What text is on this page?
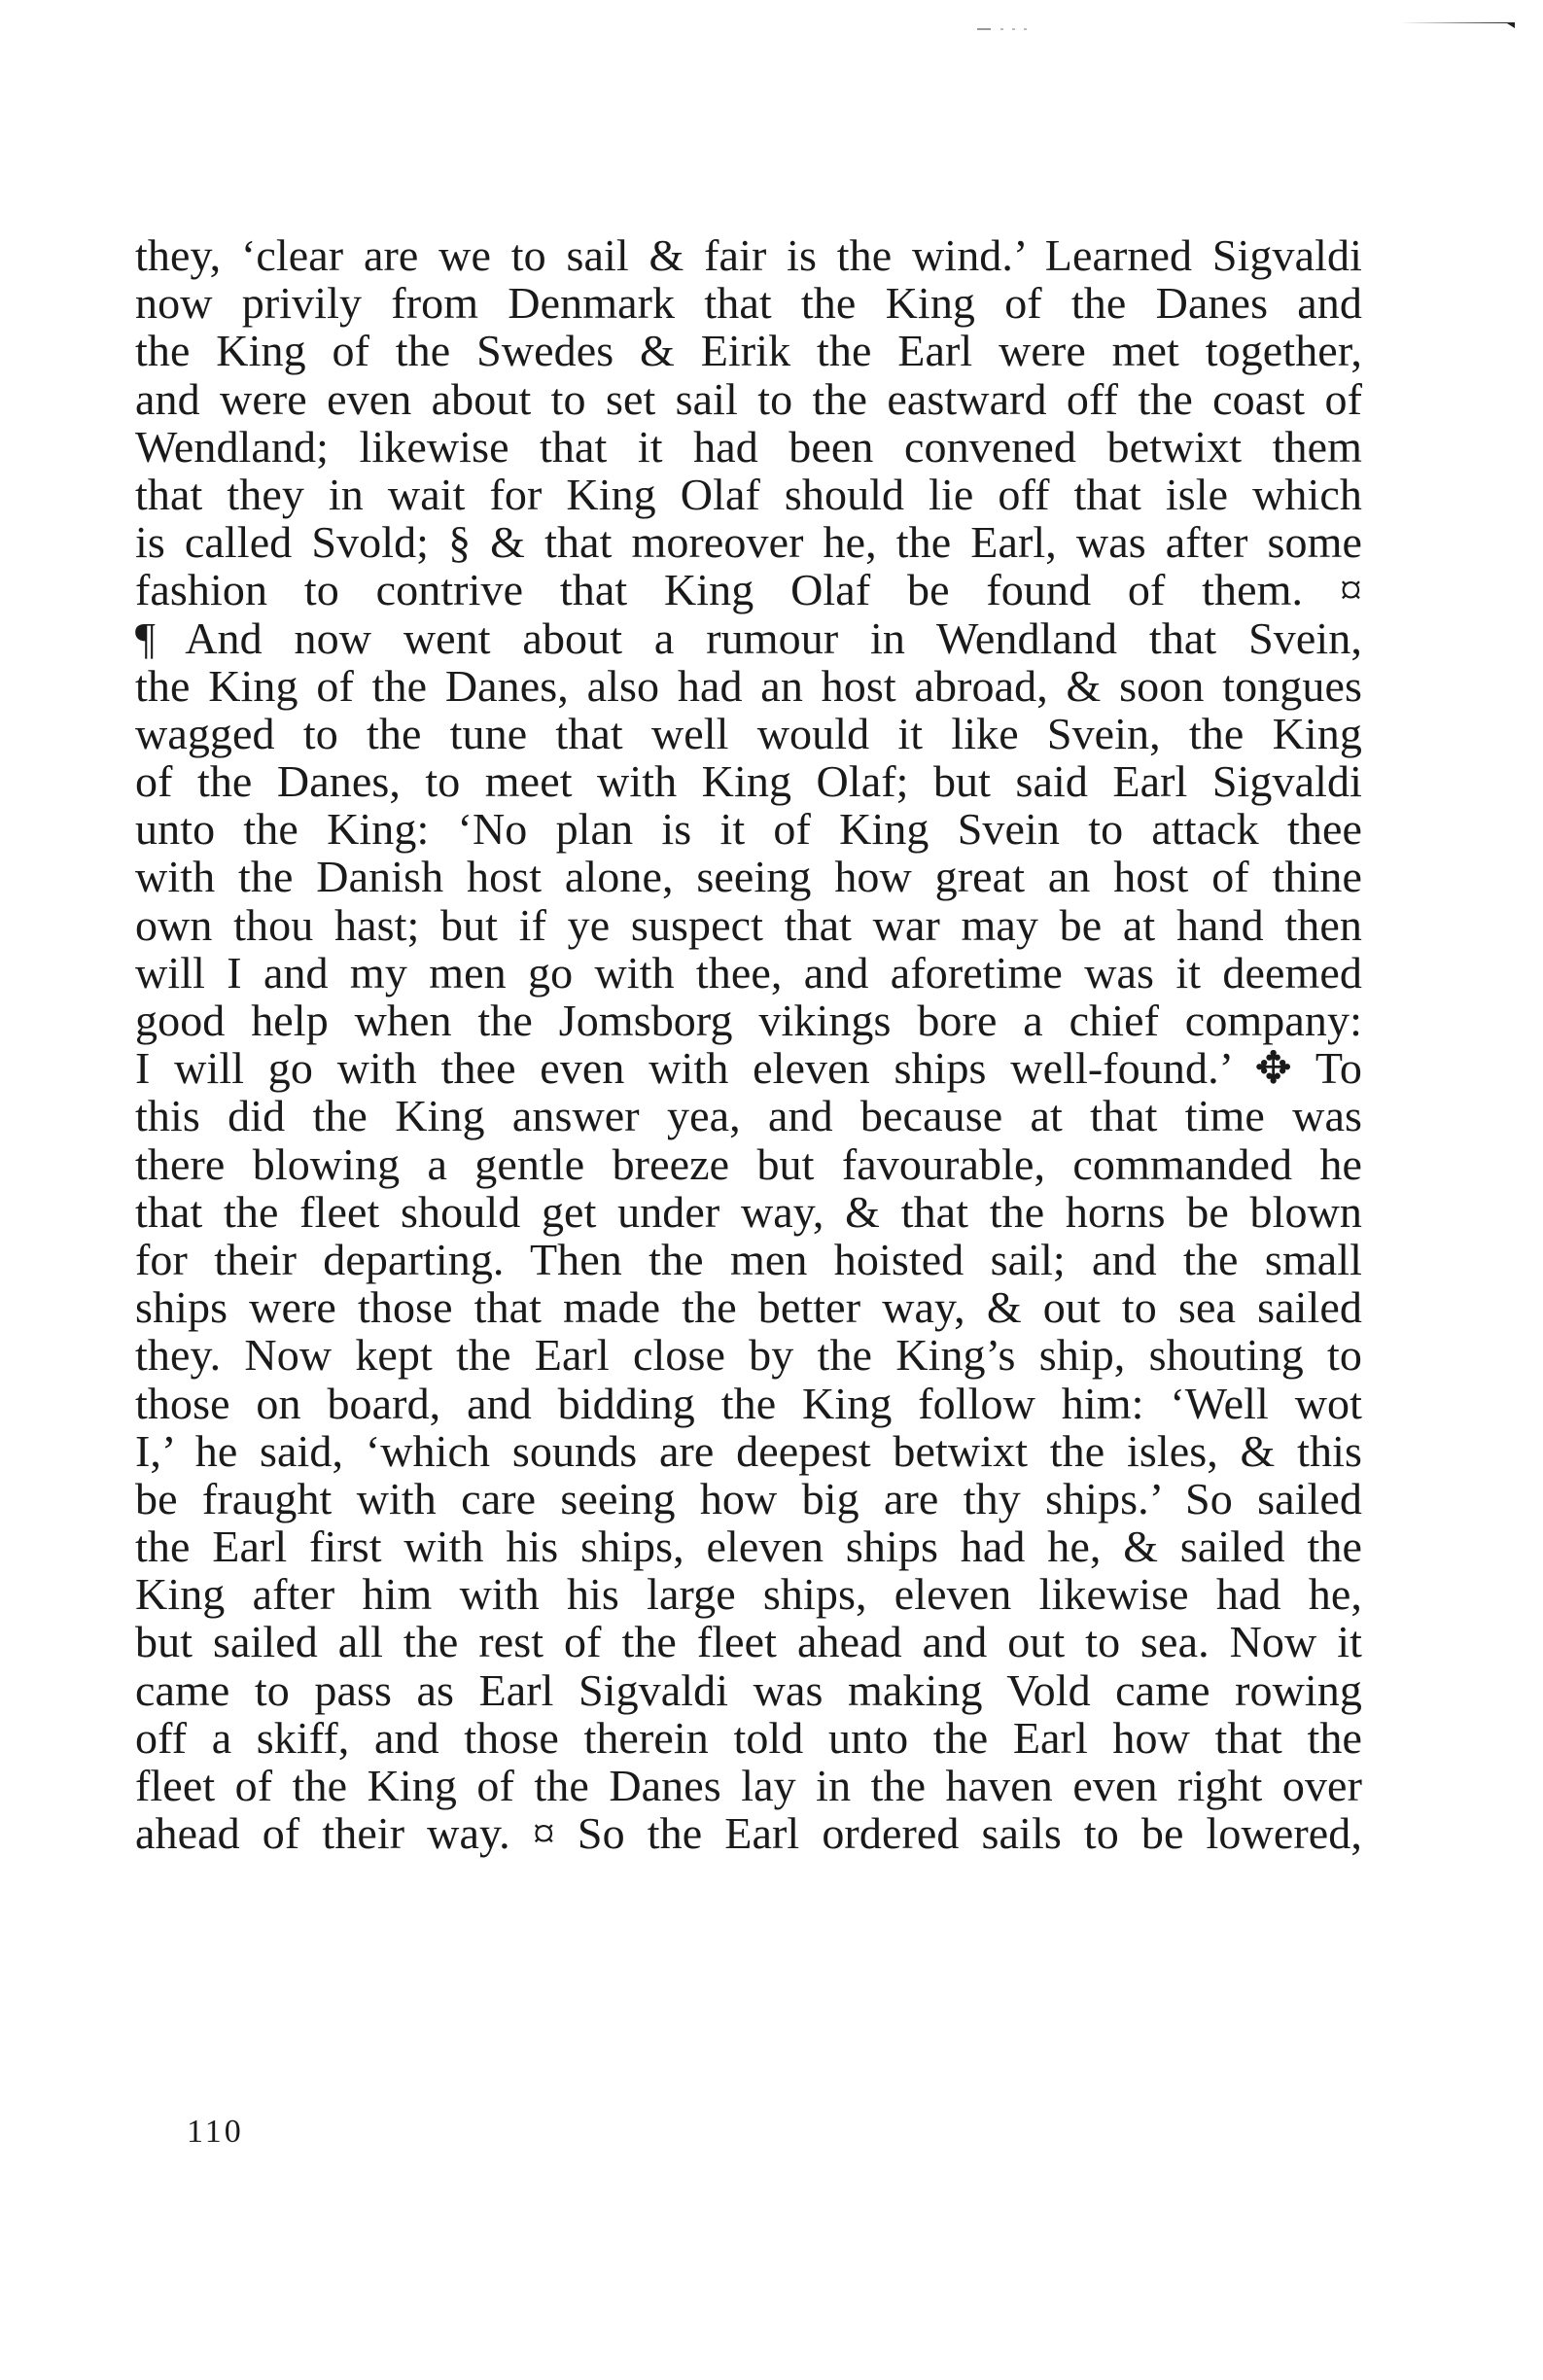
they, ‘clear are we to sail & fair is the wind.’ Learned Sigvaldi
now privily from Denmark that the King of the Danes and
the King of the Swedes & Eirik the Earl were met together,
and were even about to set sail to the eastward off the coast of
Wendland; likewise that it had been convened betwixt them
that they in wait for King Olaf should lie off that isle which
is called Svold; § & that moreover he, the Earl, was after some
fashion to contrive that King Olaf be found of them. ¤
¶ And now went about a rumour in Wendland that Svein,
the King of the Danes, also had an host abroad, & soon tongues
wagged to the tune that well would it like Svein, the King
of the Danes, to meet with King Olaf; but said Earl Sigvaldi
unto the King: ‘No plan is it of King Svein to attack thee
with the Danish host alone, seeing how great an host of thine
own thou hast; but if ye suspect that war may be at hand then
will I and my men go with thee, and aforetime was it deemed
good help when the Jomsborg vikings bore a chief company:
I will go with thee even with eleven ships well-found.’ ✥ To
this did the King answer yea, and because at that time was
there blowing a gentle breeze but favourable, commanded he
that the fleet should get under way, & that the horns be blown
for their departing. Then the men hoisted sail; and the small
ships were those that made the better way, & out to sea sailed
they. Now kept the Earl close by the King’s ship, shouting to
those on board, and bidding the King follow him: ‘Well wot
I,’ he said, ‘which sounds are deepest betwixt the isles, & this
be fraught with care seeing how big are thy ships.’ So sailed
the Earl first with his ships, eleven ships had he, & sailed the
King after him with his large ships, eleven likewise had he,
but sailed all the rest of the fleet ahead and out to sea. Now it
came to pass as Earl Sigvaldi was making Vold came rowing
off a skiff, and those therein told unto the Earl how that the
fleet of the King of the Danes lay in the haven even right over
ahead of their way. ¤ So the Earl ordered sails to be lowered,
110
